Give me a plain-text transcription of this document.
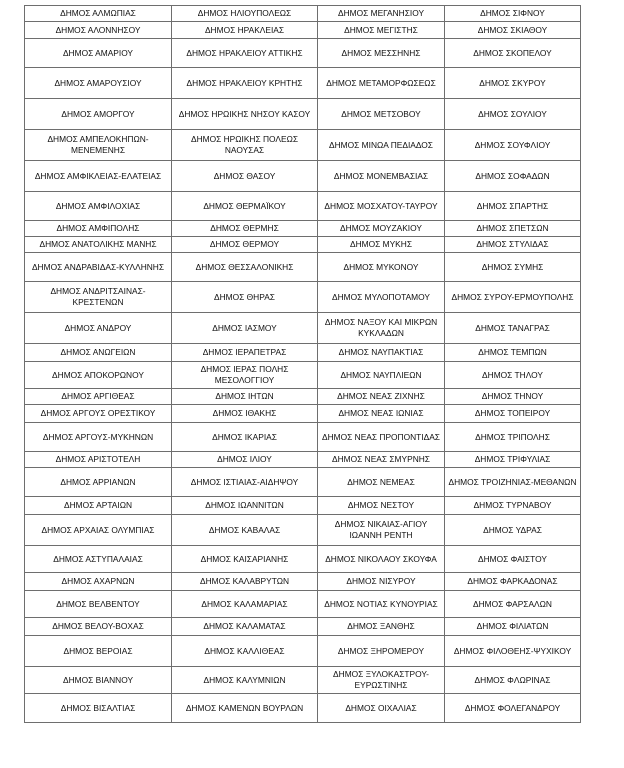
ΔΗΜΟΣ ΑΛΜΩΠΙΑΣ	ΔΗΜΟΣ ΗΛΙΟΥΠΟΛΕΩΣ	ΔΗΜΟΣ ΜΕΓΑΝΗΣΙΟΥ	ΔΗΜΟΣ ΣΙΦΝΟΥ

ΔΗΜΟΣ ΑΛΟΝΝΗΣΟΥ	ΔΗΜΟΣ ΗΡΑΚΛΕΙΑΣ	ΔΗΜΟΣ ΜΕΓΙΣΤΗΣ	ΔΗΜΟΣ ΣΚΙΑΘΟΥ

ΔΗΜΟΣ ΑΜΑΡΙΟΥ	ΔΗΜΟΣ ΗΡΑΚΛΕΙΟΥ ΑΤΤΙΚΗΣ	ΔΗΜΟΣ ΜΕΣΣΗΝΗΣ	ΔΗΜΟΣ ΣΚΟΠΕΛΟΥ

ΔΗΜΟΣ ΑΜΑΡΟΥΣΙΟΥ	ΔΗΜΟΣ ΗΡΑΚΛΕΙΟΥ ΚΡΗΤΗΣ	ΔΗΜΟΣ ΜΕΤΑΜΟΡΦΩΣΕΩΣ	ΔΗΜΟΣ ΣΚΥΡΟΥ

ΔΗΜΟΣ ΑΜΟΡΓΟΥ	ΔΗΜΟΣ ΗΡΩΙΚΗΣ ΝΗΣΟΥ ΚΑΣΟΥ	ΔΗΜΟΣ ΜΕΤΣΟΒΟΥ	ΔΗΜΟΣ ΣΟΥΛΙΟΥ

ΔΗΜΟΣ ΑΜΠΕΛΟΚΗΠΩΝ-ΜΕΝΕΜΕΝΗΣ	ΔΗΜΟΣ ΗΡΩΙΚΗΣ ΠΟΛΕΩΣ ΝΑΟΥΣΑΣ	ΔΗΜΟΣ ΜΙΝΩΑ ΠΕΔΙΑΔΟΣ	ΔΗΜΟΣ ΣΟΥΦΛΙΟΥ

ΔΗΜΟΣ ΑΜΦΙΚΛΕΙΑΣ-ΕΛΑΤΕΙΑΣ	ΔΗΜΟΣ ΘΑΣΟΥ	ΔΗΜΟΣ ΜΟΝΕΜΒΑΣΙΑΣ	ΔΗΜΟΣ ΣΟΦΑΔΩΝ

ΔΗΜΟΣ ΑΜΦΙΛΟΧΙΑΣ	ΔΗΜΟΣ ΘΕΡΜΑΪΚΟΥ	ΔΗΜΟΣ ΜΟΣΧΑΤΟΥ-ΤΑΥΡΟΥ	ΔΗΜΟΣ ΣΠΑΡΤΗΣ

ΔΗΜΟΣ ΑΜΦΙΠΟΛΗΣ	ΔΗΜΟΣ ΘΕΡΜΗΣ	ΔΗΜΟΣ ΜΟΥΖΑΚΙΟΥ	ΔΗΜΟΣ ΣΠΕΤΣΩΝ

ΔΗΜΟΣ ΑΝΑΤΟΛΙΚΗΣ ΜΑΝΗΣ	ΔΗΜΟΣ ΘΕΡΜΟΥ	ΔΗΜΟΣ ΜΥΚΗΣ	ΔΗΜΟΣ ΣΤΥΛΙΔΑΣ

ΔΗΜΟΣ ΑΝΔΡΑΒΙΔΑΣ-ΚΥΛΛΗΝΗΣ	ΔΗΜΟΣ ΘΕΣΣΑΛΟΝΙΚΗΣ	ΔΗΜΟΣ ΜΥΚΟΝΟΥ	ΔΗΜΟΣ ΣΥΜΗΣ

ΔΗΜΟΣ ΑΝΔΡΙΤΣΑΙΝΑΣ-ΚΡΕΣΤΕΝΩΝ	ΔΗΜΟΣ ΘΗΡΑΣ	ΔΗΜΟΣ ΜΥΛΟΠΟΤΑΜΟΥ	ΔΗΜΟΣ ΣΥΡΟΥ-ΕΡΜΟΥΠΟΛΗΣ

ΔΗΜΟΣ ΑΝΔΡΟΥ	ΔΗΜΟΣ ΙΑΣΜΟΥ	ΔΗΜΟΣ ΝΑΞΟΥ ΚΑΙ ΜΙΚΡΩΝ ΚΥΚΛΑΔΩΝ	ΔΗΜΟΣ ΤΑΝΑΓΡΑΣ

ΔΗΜΟΣ ΑΝΩΓΕΙΩΝ	ΔΗΜΟΣ ΙΕΡΑΠΕΤΡΑΣ	ΔΗΜΟΣ ΝΑΥΠΑΚΤΙΑΣ	ΔΗΜΟΣ ΤΕΜΠΩΝ

ΔΗΜΟΣ ΑΠΟΚΟΡΩΝΟΥ	ΔΗΜΟΣ ΙΕΡΑΣ ΠΟΛΗΣ ΜΕΣΟΛΟΓΓΙΟΥ	ΔΗΜΟΣ ΝΑΥΠΛΙΕΩΝ	ΔΗΜΟΣ ΤΗΛΟΥ

ΔΗΜΟΣ ΑΡΓΙΘΕΑΣ	ΔΗΜΟΣ ΙΗΤΩΝ	ΔΗΜΟΣ ΝΕΑΣ ΖΙΧΝΗΣ	ΔΗΜΟΣ ΤΗΝΟΥ

ΔΗΜΟΣ ΑΡΓΟΥΣ ΟΡΕΣΤΙΚΟΥ	ΔΗΜΟΣ ΙΘΑΚΗΣ	ΔΗΜΟΣ ΝΕΑΣ ΙΩΝΙΑΣ	ΔΗΜΟΣ ΤΟΠΕΙΡΟΥ

ΔΗΜΟΣ ΑΡΓΟΥΣ-ΜΥΚΗΝΩΝ	ΔΗΜΟΣ ΙΚΑΡΙΑΣ	ΔΗΜΟΣ ΝΕΑΣ ΠΡΟΠΟΝΤΙΔΑΣ	ΔΗΜΟΣ ΤΡΙΠΟΛΗΣ

ΔΗΜΟΣ ΑΡΙΣΤΟΤΕΛΗ	ΔΗΜΟΣ ΙΛΙΟΥ	ΔΗΜΟΣ ΝΕΑΣ ΣΜΥΡΝΗΣ	ΔΗΜΟΣ ΤΡΙΦΥΛΙΑΣ

ΔΗΜΟΣ ΑΡΡΙΑΝΩΝ	ΔΗΜΟΣ ΙΣΤΙΑΙΑΣ-ΑΙΔΗΨΟΥ	ΔΗΜΟΣ ΝΕΜΕΑΣ	ΔΗΜΟΣ ΤΡΟΙΖΗΝΙΑΣ-ΜΕΘΑΝΩΝ

ΔΗΜΟΣ ΑΡΤΑΙΩΝ	ΔΗΜΟΣ ΙΩΑΝΝΙΤΩΝ	ΔΗΜΟΣ ΝΕΣΤΟΥ	ΔΗΜΟΣ ΤΥΡΝΑΒΟΥ

ΔΗΜΟΣ ΑΡΧΑΙΑΣ ΟΛΥΜΠΙΑΣ	ΔΗΜΟΣ ΚΑΒΑΛΑΣ	ΔΗΜΟΣ ΝΙΚΑΙΑΣ-ΑΓΙΟΥ ΙΩΑΝΝΗ ΡΕΝΤΗ	ΔΗΜΟΣ ΥΔΡΑΣ

ΔΗΜΟΣ ΑΣΤΥΠΑΛΑΙΑΣ	ΔΗΜΟΣ ΚΑΙΣΑΡΙΑΝΗΣ	ΔΗΜΟΣ ΝΙΚΟΛΑΟΥ ΣΚΟΥΦΑ	ΔΗΜΟΣ ΦΑΙΣΤΟΥ

ΔΗΜΟΣ ΑΧΑΡΝΩΝ	ΔΗΜΟΣ ΚΑΛΑΒΡΥΤΩΝ	ΔΗΜΟΣ ΝΙΣΥΡΟΥ	ΔΗΜΟΣ ΦΑΡΚΑΔΟΝΑΣ

ΔΗΜΟΣ ΒΕΛΒΕΝΤΟΥ	ΔΗΜΟΣ ΚΑΛΑΜΑΡΙΑΣ	ΔΗΜΟΣ ΝΟΤΙΑΣ ΚΥΝΟΥΡΙΑΣ	ΔΗΜΟΣ ΦΑΡΣΑΛΩΝ

ΔΗΜΟΣ ΒΕΛΟΥ-ΒΟΧΑΣ	ΔΗΜΟΣ ΚΑΛΑΜΑΤΑΣ	ΔΗΜΟΣ ΞΑΝΘΗΣ	ΔΗΜΟΣ ΦΙΛΙΑΤΩΝ

ΔΗΜΟΣ ΒΕΡΟΙΑΣ	ΔΗΜΟΣ ΚΑΛΛΙΘΕΑΣ	ΔΗΜΟΣ ΞΗΡΟΜΕΡΟΥ	ΔΗΜΟΣ ΦΙΛΟΘΕΗΣ-ΨΥΧΙΚΟΥ

ΔΗΜΟΣ ΒΙΑΝΝΟΥ	ΔΗΜΟΣ ΚΑΛΥΜΝΙΩΝ	ΔΗΜΟΣ ΞΥΛΟΚΑΣΤΡΟΥ-ΕΥΡΩΣΤΙΝΗΣ	ΔΗΜΟΣ ΦΛΩΡΙΝΑΣ

ΔΗΜΟΣ ΒΙΣΑΛΤΙΑΣ	ΔΗΜΟΣ ΚΑΜΕΝΩΝ ΒΟΥΡΛΩΝ	ΔΗΜΟΣ ΟΙΧΑΛΙΑΣ	ΔΗΜΟΣ ΦΟΛΕΓΑΝΔΡΟΥ
